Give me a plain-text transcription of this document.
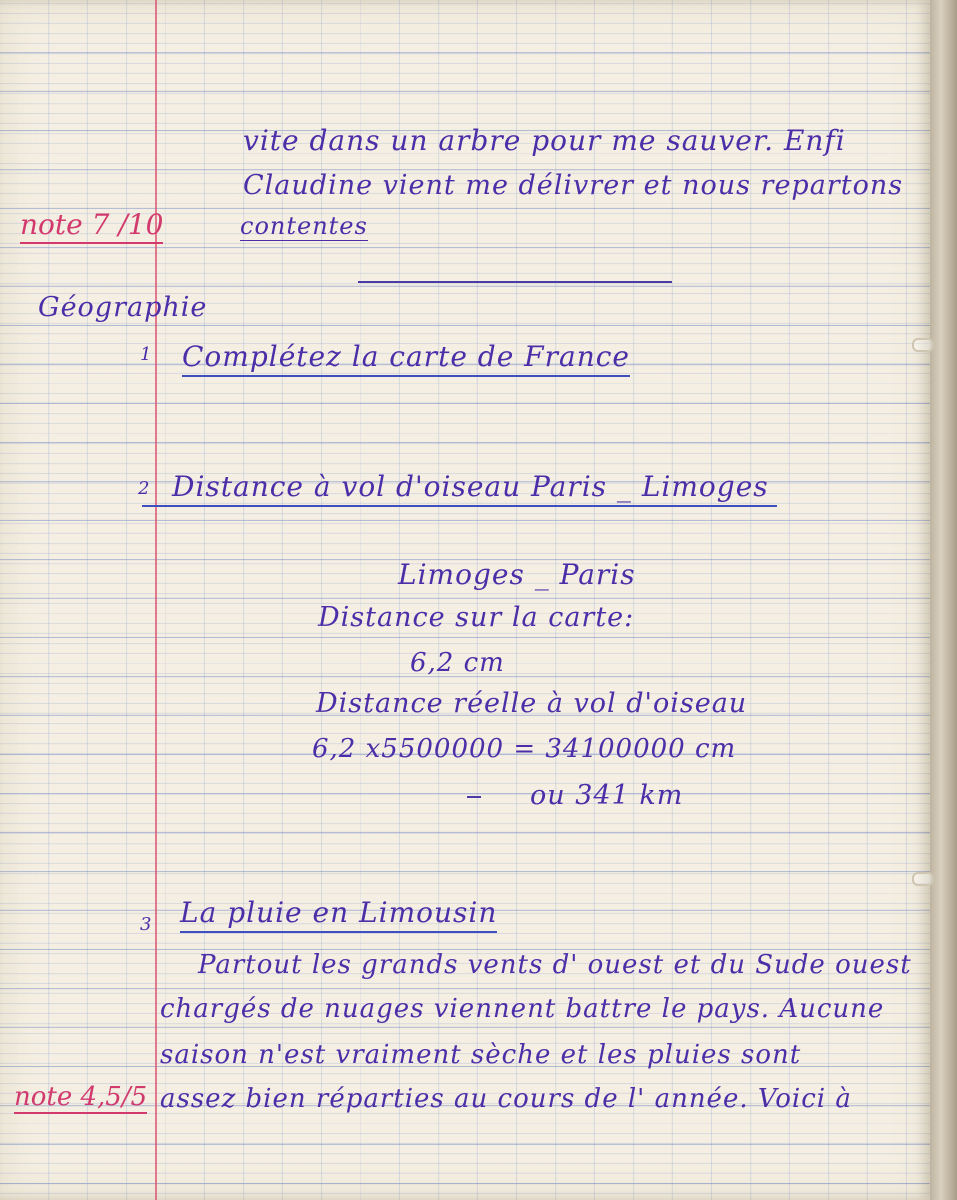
vite dans un arbre pour me sauver. Enfi
Claudine vient me délivrer et nous repartons
contentes
note 7 /10
Géographie
1 Complétez la carte de France
2 Distance à vol d'oiseau Paris _ Limoges
Limoges _ Paris
Distance sur la carte:
6,2 cm
Distance réelle à vol d'oiseau
6,2 x5500000 = 34100000 cm
ou 341 km
3 La pluie en Limousin
Partout les grands vents d' ouest et du Sude ouest
chargés de nuages viennent battre le pays. Aucune
saison n'est vraiment sèche et les pluies sont
assez bien réparties au cours de l' année. Voici à
note 4,5/5
